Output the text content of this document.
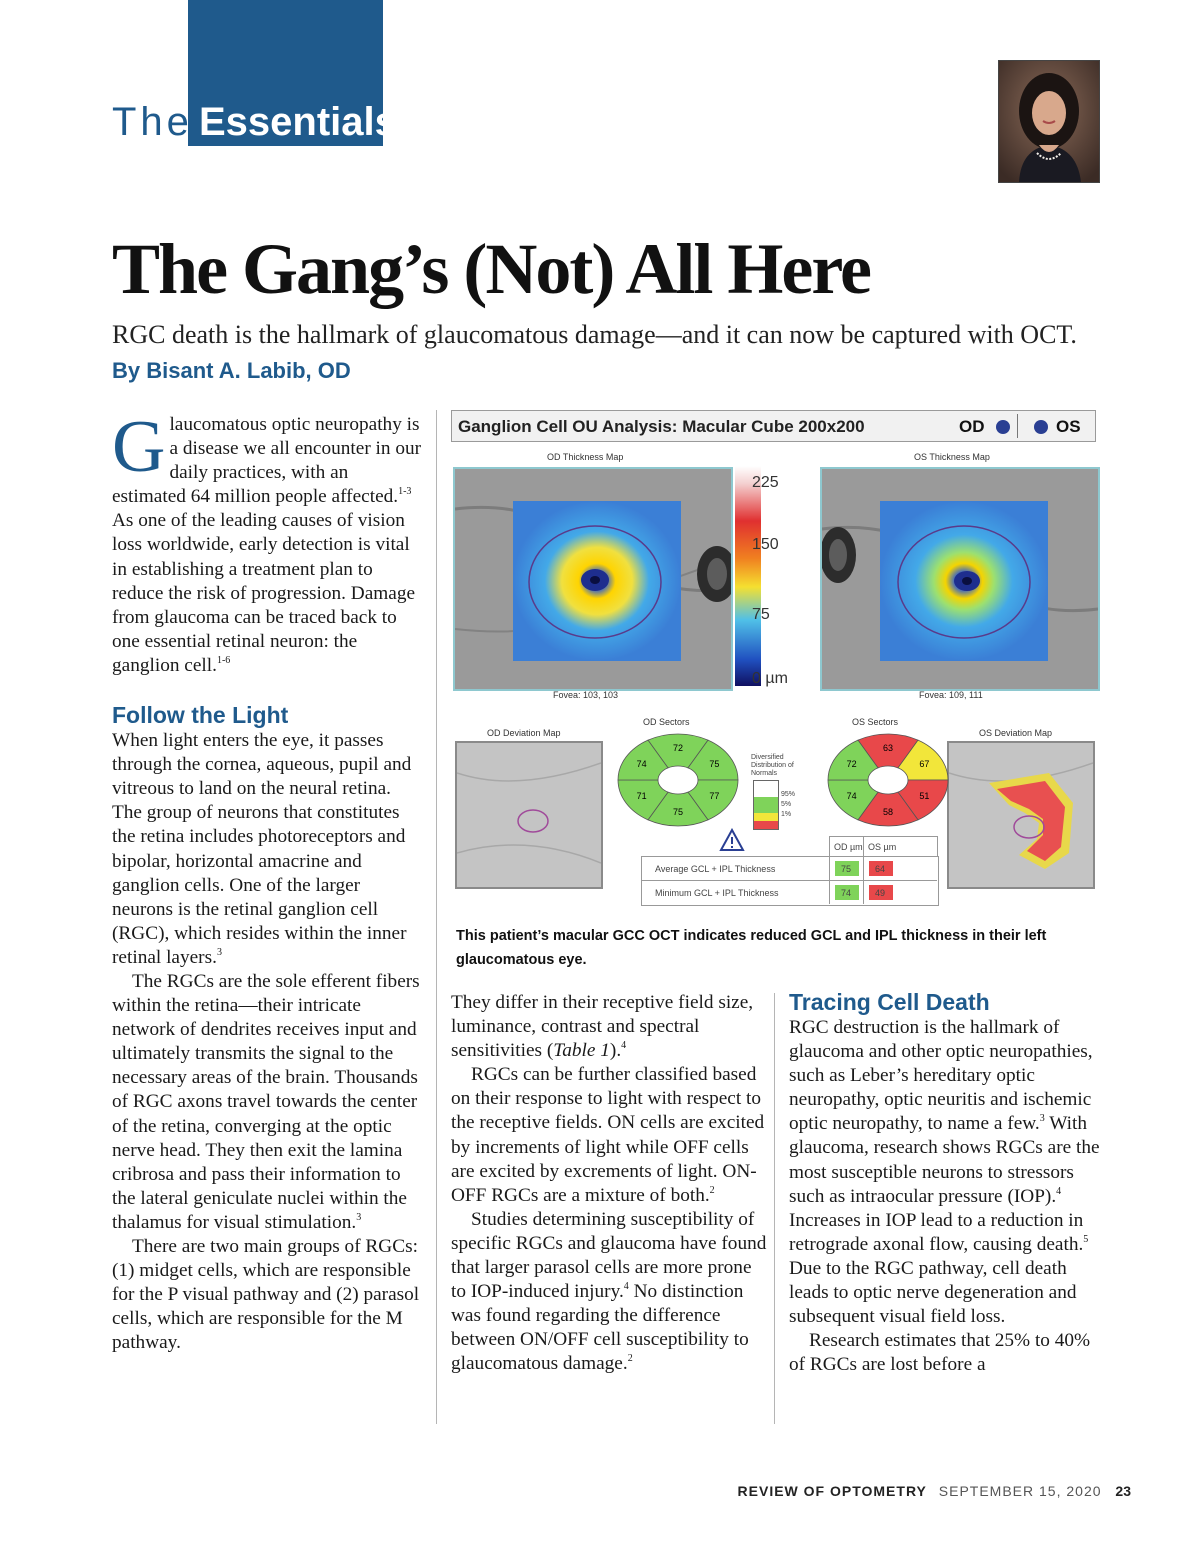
The Essentials
The Gang’s (Not) All Here
RGC death is the hallmark of glaucomatous damage—and it can now be captured with OCT. By Bisant A. Labib, OD

Glaucomatous optic neuropathy is a disease we all encounter in our daily practices, with an estimated 64 million people affected.$^{1-3}$ As one of the leading causes of vision loss worldwide, early detection is vital in establishing a treatment plan to reduce the risk of progression. Damage from glaucoma can be traced back to one essential retinal neuron: the ganglion cell.$^{1-6}$

Follow the Light

When light enters the eye, it passes through the cornea, aqueous, pupil and vitreous to land on the neural retina. The group of neurons that constitutes the retina includes photoreceptors and bipolar, horizontal amacrine and ganglion cells. One of the larger neurons is the retinal ganglion cell (RGC), which resides within the inner retinal layers.$^3$

The RGCs are the sole efferent fibers within the retina—their intricate network of dendrites receives input and ultimately transmits the signal to the necessary areas of the brain. Thousands of RGC axons travel towards the center of the retina, converging at the optic nerve head. They then exit the lamina cribrosa and pass their information to the lateral geniculate nuclei within the thalamus for visual stimulation.$^3$

There are two main groups of RGCs: (1) midget cells, which are responsible for the P visual pathway and (2) parasol cells, which are responsible for the M pathway.

Ganglion Cell OU Analysis: Macular Cube 200x200	OD	OS
OD Thickness Map	OS Thickness Map
225
150
75
0 µm
Fovea: 103, 103	Fovea: 109, 111
OD Deviation Map	OS Deviation Map
OD Sectors	OS Sectors
72
75
77
75
71
74
63
67
51
58
74
72
Diversified Distribution of Normals
95%
5%
1%
OD µm OS µm
Average GCL + IPL Thickness	75	64
Minimum GCL + IPL Thickness	74	49
This patient’s macular GCC OCT indicates reduced GCL and IPL thickness in their left glaucomatous eye.

They differ in their receptive field size, luminance, contrast and spectral sensitivities (Table 1).$^4$

RGCs can be further classified based on their response to light with respect to the receptive fields. ON cells are excited by increments of light while OFF cells are excited by excrements of light. ON-OFF RGCs are a mixture of both.$^2$

Studies determining susceptibility of specific RGCs and glaucoma have found that larger parasol cells are more prone to IOP-induced injury.$^4$ No distinction was found regarding the difference between ON/OFF cell susceptibility to glaucomatous damage.$^2$

Tracing Cell Death

RGC destruction is the hallmark of glaucoma and other optic neuropathies, such as Leber’s hereditary optic neuropathy, optic neuritis and ischemic optic neuropathy, to name a few.$^3$ With glaucoma, research shows RGCs are the most susceptible neurons to stressors such as intraocular pressure (IOP).$^4$ Increases in IOP lead to a reduction in retrograde axonal flow, causing death.$^5$ Due to the RGC pathway, cell death leads to optic nerve degeneration and subsequent visual field loss.

Research estimates that 25% to 40% of RGCs are lost before a

REVIEW OF OPTOMETRY SEPTEMBER 15, 2020 23
